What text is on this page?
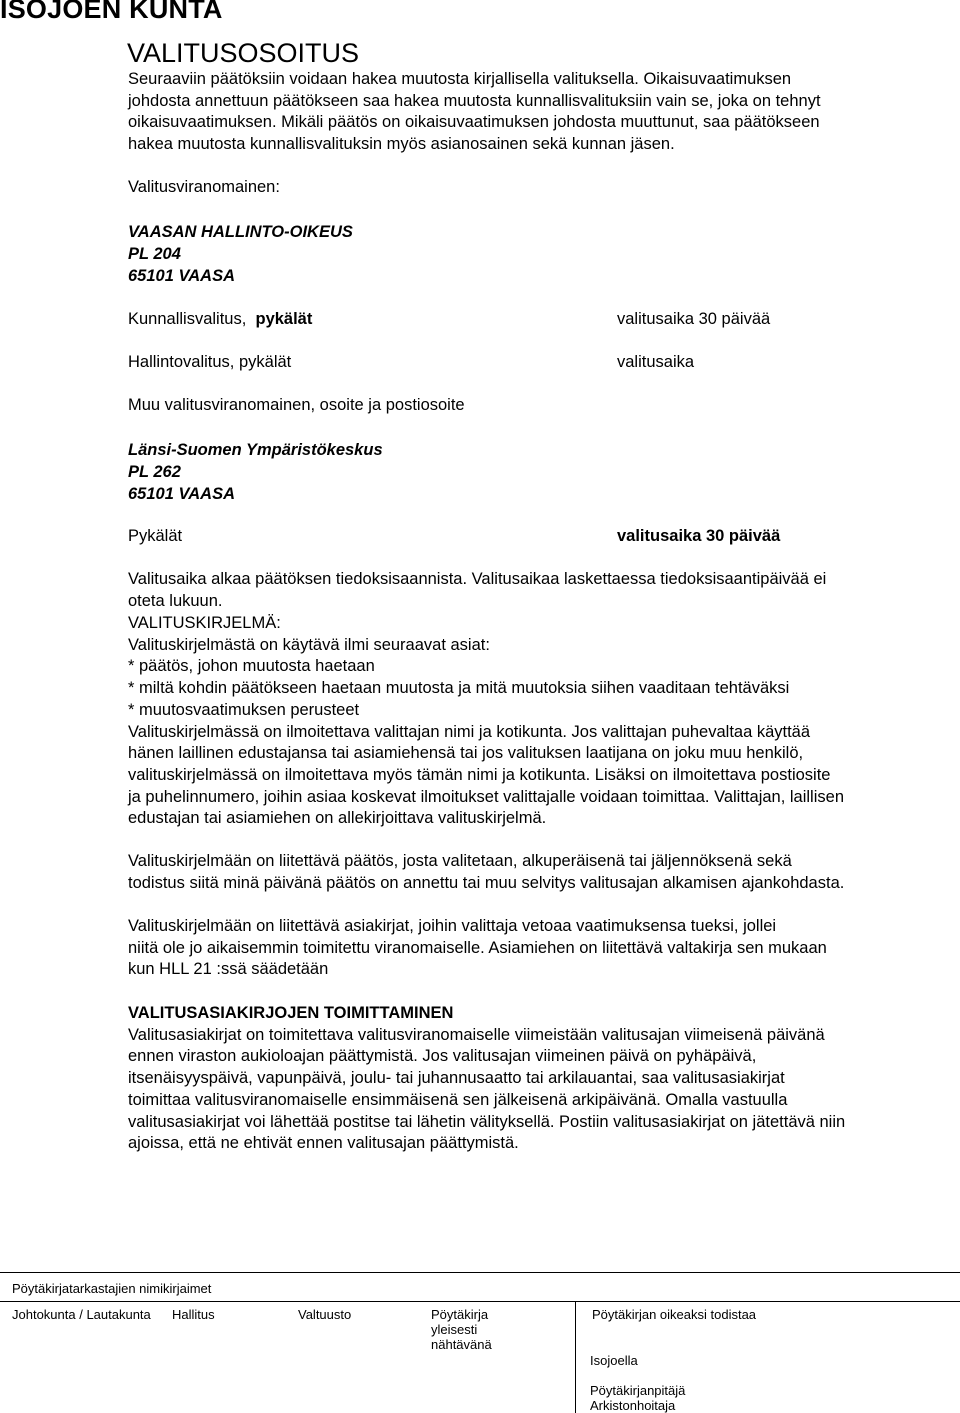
ISOJOEN KUNTA
VALITUSOSOITUS
Seuraaviin päätöksiin voidaan hakea muutosta kirjallisella valituksella. Oikaisuvaatimuksen
johdosta annettuun päätökseen saa hakea muutosta kunnallisvalituksiin vain se, joka on tehnyt
oikaisuvaatimuksen. Mikäli päätös on oikaisuvaatimuksen johdosta muuttunut, saa päätökseen
hakea muutosta kunnallisvalituksin myös asianosainen sekä kunnan jäsen.
Valitusviranomainen:
VAASAN HALLINTO-OIKEUS
PL 204
65101 VAASA
Kunnallisvalitus, pykälät	valitusaika 30 päivää
Hallintovalitus, pykälät	valitusaika
Muu valitusviranomainen, osoite ja postiosoite
Länsi-Suomen Ympäristökeskus
PL 262
65101 VAASA
Pykälät	valitusaika 30 päivää
Valitusaika alkaa päätöksen tiedoksisaannista. Valitusaikaa laskettaessa tiedoksisaantipäivää ei
oteta lukuun.
VALITUSKIRJELMÄ:
Valituskirjelmästä on käytävä ilmi seuraavat asiat:
* päätös, johon muutosta haetaan
* miltä kohdin päätökseen haetaan muutosta ja mitä muutoksia siihen vaaditaan tehtäväksi
* muutosvaatimuksen perusteet
Valituskirjelmässä on ilmoitettava valittajan nimi ja kotikunta. Jos valittajan puhevaltaa käyttää
hänen laillinen edustajansa tai asiamiehensä tai jos valituksen laatijana on joku muu henkilö,
valituskirjelmässä on ilmoitettava myös tämän nimi ja kotikunta. Lisäksi on ilmoitettava postiosite
ja puhelinnumero, joihin asiaa koskevat ilmoitukset valittajalle voidaan toimittaa. Valittajan, laillisen
edustajan tai asiamiehen on allekirjoittava valituskirjelmä.
Valituskirjelmään on liitettävä päätös, josta valitetaan, alkuperäisenä tai jäljennöksenä sekä
todistus siitä minä päivänä päätös on annettu tai muu selvitys valitusajan alkamisen ajankohdasta.
Valituskirjelmään on liitettävä asiakirjat, joihin valittaja vetoaa vaatimuksensa tueksi, jollei
niitä ole jo aikaisemmin toimitettu viranomaiselle. Asiamiehen on liitettävä valtakirja sen mukaan
kun HLL 21 :ssä säädetään
VALITUSASIAKIRJOJEN TOIMITTAMINEN
Valitusasiakirjat on toimitettava valitusviranomaiselle viimeistään valitusajan viimeisenä päivänä
ennen viraston aukioloajan päättymistä. Jos valitusajan viimeinen päivä on pyhäpäivä,
itsenäisyyspäivä, vapunpäivä, joulu- tai juhannusaatto tai arkilauantai, saa valitusasiakirjat
toimittaa valitusviranomaiselle ensimmäisenä sen jälkeisenä arkipäivänä. Omalla vastuulla
valitusasiakirjat voi lähettää postitse tai lähetin välityksellä. Postiin valitusasiakirjat on jätettävä niin
ajoissa, että ne ehtivät ennen valitusajan päättymistä.
Pöytäkirjatarkastajien nimikirjaimet
Johtokunta / Lautakunta Hallitus	Valtuusto	Pöytäkirja
yleisesti
nähtävänä
Pöytäkirjan oikeaksi todistaa
Isojoella
Pöytäkirjanpitäjä
Arkistonhoitaja
